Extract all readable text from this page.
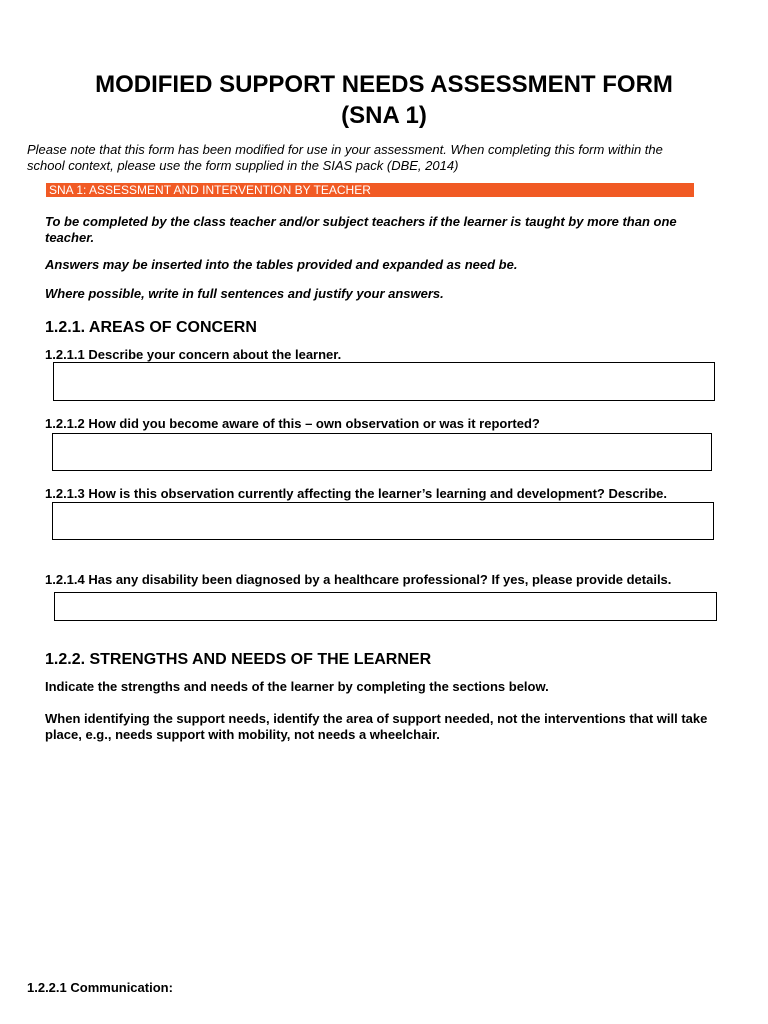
MODIFIED SUPPORT NEEDS ASSESSMENT FORM
(SNA 1)

Please note that this form has been modified for use in your assessment. When completing this form within the school context, please use the form supplied in the SIAS pack (DBE, 2014)

SNA 1: ASSESSMENT AND INTERVENTION BY TEACHER

To be completed by the class teacher and/or subject teachers if the learner is taught by more than one teacher.

Answers may be inserted into the tables provided and expanded as need be.

Where possible, write in full sentences and justify your answers.

1.2.1. AREAS OF CONCERN

1.2.1.1 Describe your concern about the learner.

1.2.1.2 How did you become aware of this – own observation or was it reported?

1.2.1.3 How is this observation currently affecting the learner’s learning and development? Describe.

1.2.1.4 Has any disability been diagnosed by a healthcare professional? If yes, please provide details.

1.2.2. STRENGTHS AND NEEDS OF THE LEARNER

Indicate the strengths and needs of the learner by completing the sections below.

When identifying the support needs, identify the area of support needed, not the interventions that will take place, e.g., needs support with mobility, not needs a wheelchair.

1.2.2.1 Communication:
